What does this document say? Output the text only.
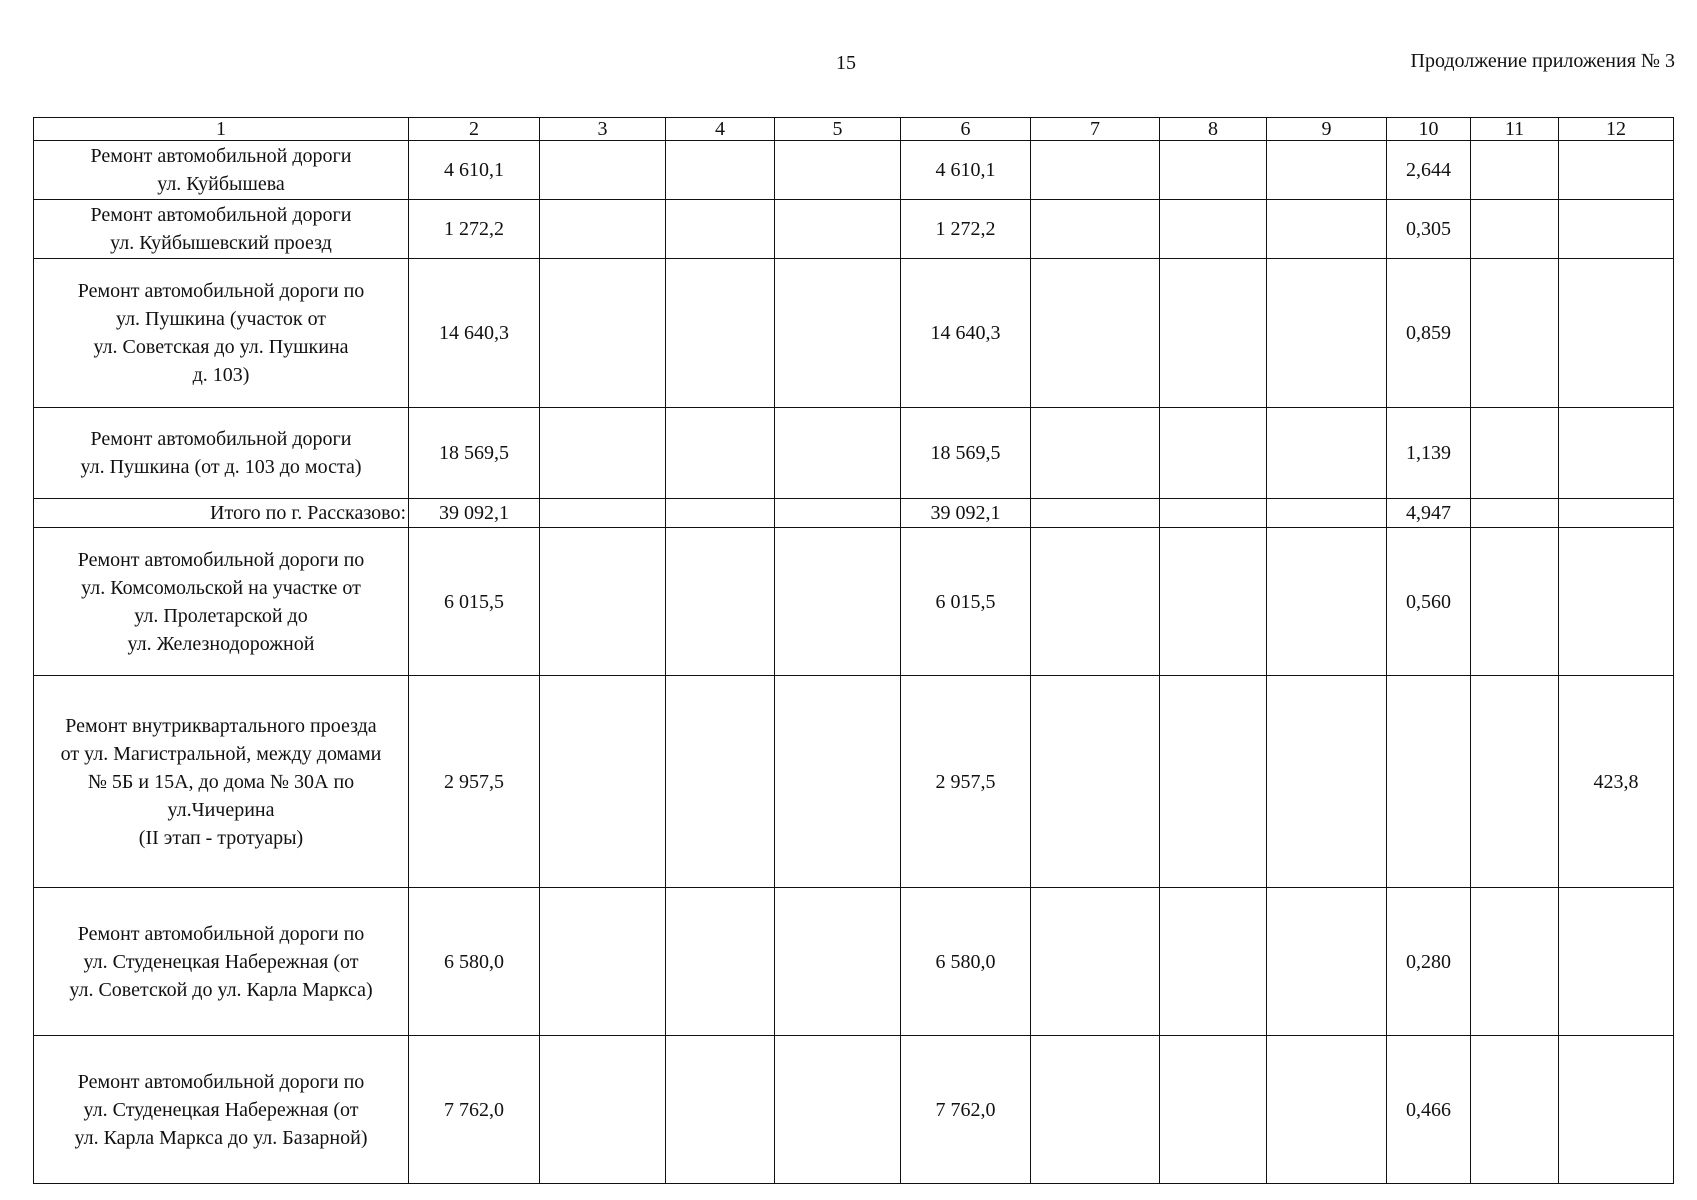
15	Продолжение приложения № 3
1	2	3	4	5	6	7	8	9	10	11	12
Ремонт автомобильной дороги
ул. Куйбышева	4 610,1				4 610,1				2,644		
Ремонт автомобильной дороги
ул. Куйбышевский проезд	1 272,2				1 272,2				0,305		
Ремонт автомобильной дороги по
ул. Пушкина (участок от
ул. Советская до ул. Пушкина
д. 103)	14 640,3				14 640,3				0,859		
Ремонт автомобильной дороги
ул. Пушкина (от д. 103 до моста)	18 569,5				18 569,5				1,139		
Итого по г. Рассказово:	39 092,1				39 092,1				4,947		
Ремонт автомобильной дороги по
ул. Комсомольской на участке от
ул. Пролетарской до
ул. Железнодорожной	6 015,5				6 015,5				0,560		
Ремонт внутриквартального проезда
от ул. Магистральной, между домами
№ 5Б и 15А, до дома № 30А по
ул.Чичерина
(II этап - тротуары)	2 957,5				2 957,5						423,8
Ремонт автомобильной дороги по
ул. Студенецкая Набережная (от
ул. Советской до ул. Карла Маркса)	6 580,0				6 580,0				0,280		
Ремонт автомобильной дороги по
ул. Студенецкая Набережная (от
ул. Карла Маркса до ул. Базарной)	7 762,0				7 762,0				0,466		
